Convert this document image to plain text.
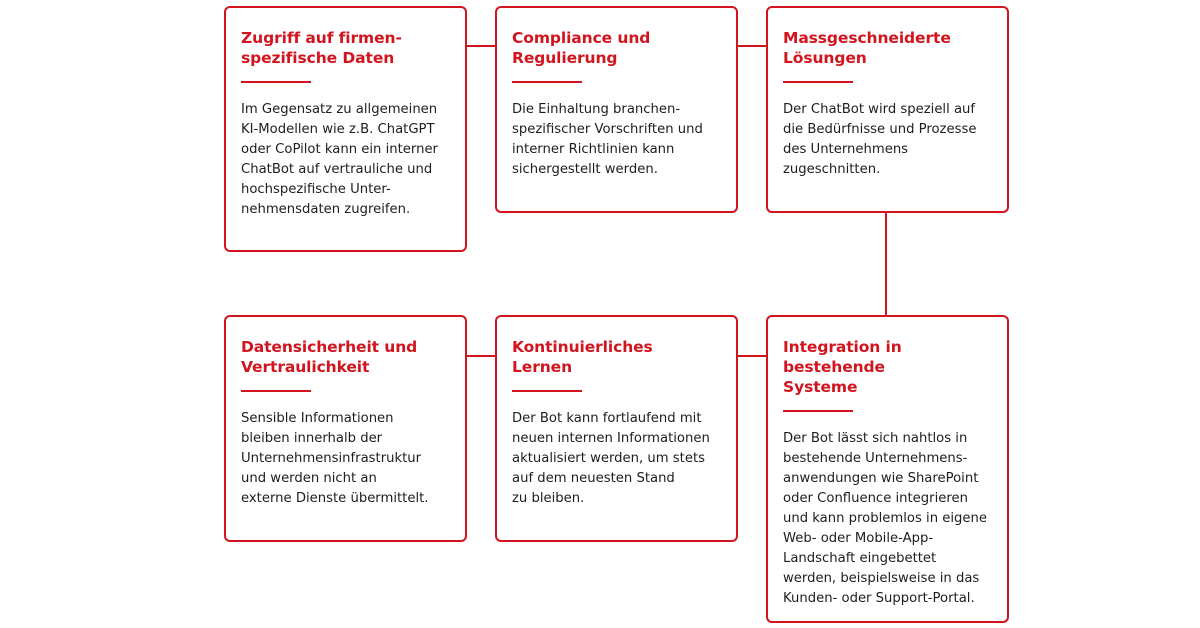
Zugriff auf firmen-
spezifische Daten

Im Gegensatz zu allgemeinen
KI-Modellen wie z.B. ChatGPT
oder CoPilot kann ein interner
ChatBot auf vertrauliche und
hochspezifische Unter-
nehmensdaten zugreifen.

Compliance und
Regulierung

Die Einhaltung branchen-
spezifischer Vorschriften und
interner Richtlinien kann
sichergestellt werden.

Massgeschneiderte
Lösungen

Der ChatBot wird speziell auf
die Bedürfnisse und Prozesse
des Unternehmens
zugeschnitten.

Datensicherheit und
Vertraulichkeit

Sensible Informationen
bleiben innerhalb der
Unternehmensinfrastruktur
und werden nicht an
externe Dienste übermittelt.

Kontinuierliches
Lernen

Der Bot kann fortlaufend mit
neuen internen Informationen
aktualisiert werden, um stets
auf dem neuesten Stand
zu bleiben.

Integration in bestehende
Systeme

Der Bot lässt sich nahtlos in
bestehende Unternehmens-
anwendungen wie SharePoint
oder Confluence integrieren
und kann problemlos in eigene
Web- oder Mobile-App-
Landschaft eingebettet
werden, beispielsweise in das
Kunden- oder Support-Portal.
